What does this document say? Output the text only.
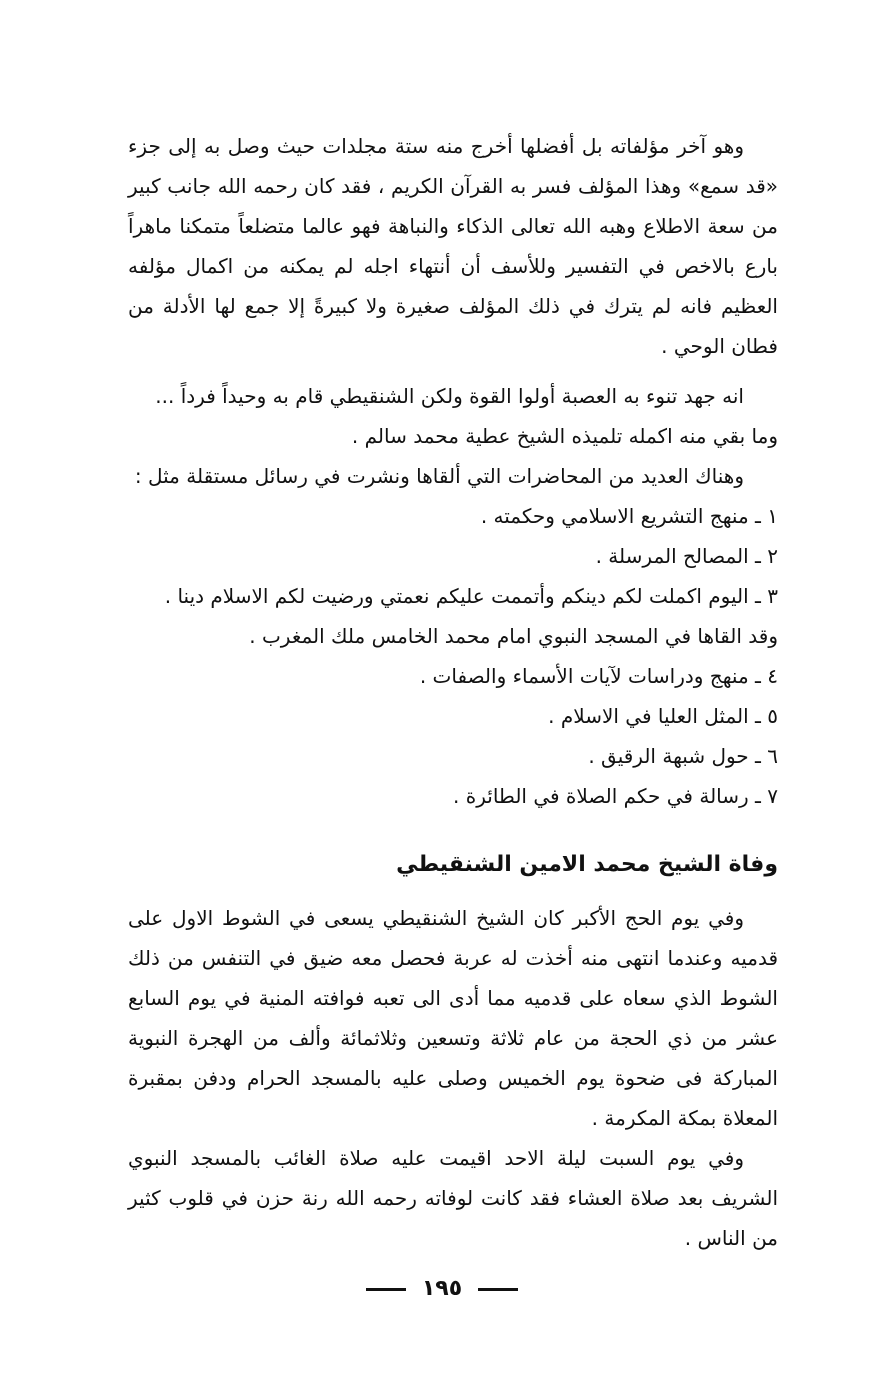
وهو آخر مؤلفاته بل أفضلها أخرج منه ستة مجلدات حيث وصل به إلى جزء «قد سمع» وهذا المؤلف فسر به القرآن الكريم ، فقد كان رحمه الله جانب كبير من سعة الاطلاع وهبه الله تعالى الذكاء والنباهة فهو عالما متضلعاً متمكنا ماهراً بارع بالاخص في التفسير وللأسف أن أنتهاء اجله لم يمكنه من اكمال مؤلفه العظيم فانه لم يترك في ذلك المؤلف صغيرة ولا كبيرةً إلا جمع لها الأدلة من فطان الوحي .

انه جهد تنوء به العصبة أولوا القوة ولكن الشنقيطي قام به وحيداً فرداً ...

وما بقي منه اكمله تلميذه الشيخ عطية محمد سالم .

وهناك العديد من المحاضرات التي ألقاها ونشرت في رسائل مستقلة مثل :

١ ـ منهج التشريع الاسلامي وحكمته .

٢ ـ المصالح المرسلة .

٣ ـ اليوم اكملت لكم دينكم وأتممت عليكم نعمتي ورضيت لكم الاسلام دينا .

وقد القاها في المسجد النبوي امام محمد الخامس ملك المغرب .

٤ ـ منهج ودراسات لآيات الأسماء والصفات .

٥ ـ المثل العليا في الاسلام .

٦ ـ حول شبهة الرقيق .

٧ ـ رسالة في حكم الصلاة في الطائرة .

وفاة الشيخ محمد الامين الشنقيطي

وفي يوم الحج الأكبر كان الشيخ الشنقيطي يسعى في الشوط الاول على قدميه وعندما انتهى منه أخذت له عربة فحصل معه ضيق في التنفس من ذلك الشوط الذي سعاه على قدميه مما أدى الى تعبه فوافته المنية في يوم السابع عشر من ذي الحجة من عام ثلاثة وتسعين وثلاثمائة وألف من الهجرة النبوية المباركة فى ضحوة يوم الخميس وصلى عليه بالمسجد الحرام ودفن بمقبرة المعلاة بمكة المكرمة .

وفي يوم السبت ليلة الاحد اقيمت عليه صلاة الغائب بالمسجد النبوي الشريف بعد صلاة العشاء فقد كانت لوفاته رحمه الله رنة حزن في قلوب كثير من الناس .

١٩٥
